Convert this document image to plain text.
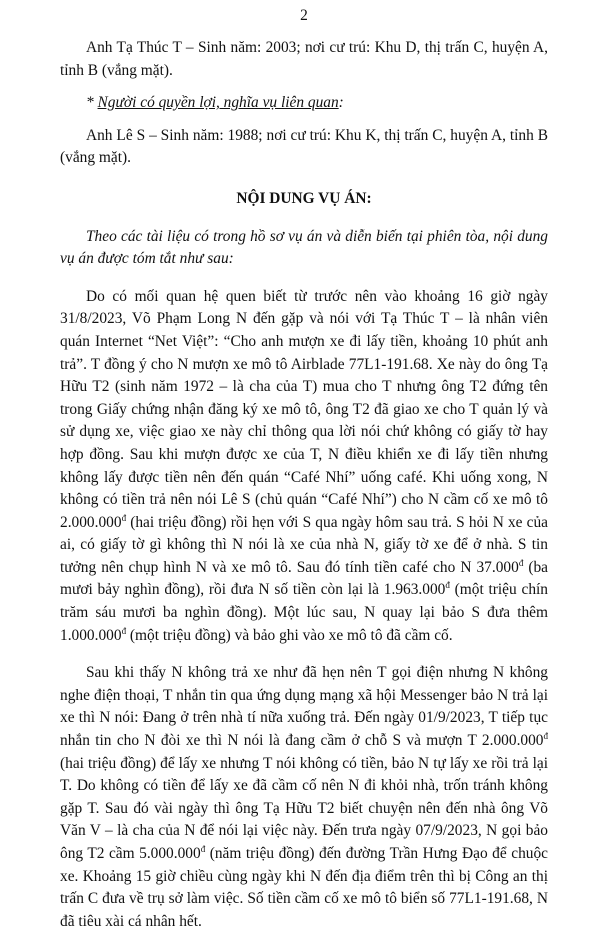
2

Anh Tạ Thúc T – Sinh năm: 2003; nơi cư trú: Khu D, thị trấn C, huyện A, tỉnh B (vắng mặt).

* Người có quyền lợi, nghĩa vụ liên quan:

Anh Lê S – Sinh năm: 1988; nơi cư trú: Khu K, thị trấn C, huyện A, tỉnh B (vắng mặt).

NỘI DUNG VỤ ÁN:

Theo các tài liệu có trong hồ sơ vụ án và diễn biến tại phiên tòa, nội dung vụ án được tóm tắt như sau:

Do có mối quan hệ quen biết từ trước nên vào khoảng 16 giờ ngày 31/8/2023, Võ Phạm Long N đến gặp và nói với Tạ Thúc T – là nhân viên quán Internet “Net Việt”: “Cho anh mượn xe đi lấy tiền, khoảng 10 phút anh trả”. T đồng ý cho N mượn xe mô tô Airblade 77L1-191.68. Xe này do ông Tạ Hữu T2 (sinh năm 1972 – là cha của T) mua cho T nhưng ông T2 đứng tên trong Giấy chứng nhận đăng ký xe mô tô, ông T2 đã giao xe cho T quản lý và sử dụng xe, việc giao xe này chỉ thông qua lời nói chứ không có giấy tờ hay hợp đồng. Sau khi mượn được xe của T, N điều khiển xe đi lấy tiền nhưng không lấy được tiền nên đến quán “Café Nhí” uống café. Khi uống xong, N không có tiền trả nên nói Lê S (chủ quán “Café Nhí”) cho N cầm cố xe mô tô $2.000.000^đ$ (hai triệu đồng) rồi hẹn với S qua ngày hôm sau trả. S hỏi N xe của ai, có giấy tờ gì không thì N nói là xe của nhà N, giấy tờ xe để ở nhà. S tin tưởng nên chụp hình N và xe mô tô. Sau đó tính tiền café cho N $37.000^đ$ (ba mươi bảy nghìn đồng), rồi đưa N số tiền còn lại là $1.963.000^đ$ (một triệu chín trăm sáu mươi ba nghìn đồng). Một lúc sau, N quay lại bảo S đưa thêm $1.000.000^đ$ (một triệu đồng) và bảo ghi vào xe mô tô đã cầm cố.

Sau khi thấy N không trả xe như đã hẹn nên T gọi điện nhưng N không nghe điện thoại, T nhắn tin qua ứng dụng mạng xã hội Messenger bảo N trả lại xe thì N nói: Đang ở trên nhà tí nữa xuống trả. Đến ngày 01/9/2023, T tiếp tục nhắn tin cho N đòi xe thì N nói là đang cầm ở chỗ S và mượn T $2.000.000^đ$ (hai triệu đồng) để lấy xe nhưng T nói không có tiền, bảo N tự lấy xe rồi trả lại T. Do không có tiền để lấy xe đã cầm cố nên N đi khỏi nhà, trốn tránh không gặp T. Sau đó vài ngày thì ông Tạ Hữu T2 biết chuyện nên đến nhà ông Võ Văn V – là cha của N để nói lại việc này. Đến trưa ngày 07/9/2023, N gọi bảo ông T2 cầm $5.000.000^đ$ (năm triệu đồng) đến đường Trần Hưng Đạo để chuộc xe. Khoảng 15 giờ chiều cùng ngày khi N đến địa điểm trên thì bị Công an thị trấn C đưa về trụ sở làm việc. Số tiền cầm cố xe mô tô biển số 77L1-191.68, N đã tiêu xài cá nhân hết.
